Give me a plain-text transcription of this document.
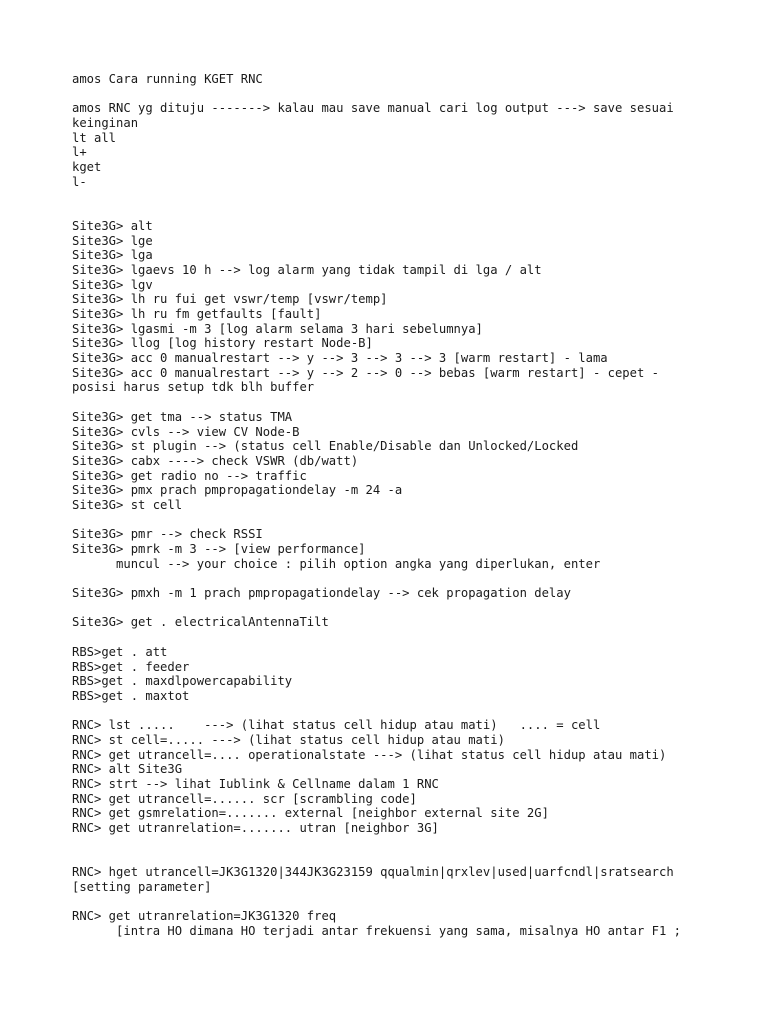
amos Cara running KGET RNC
amos RNC yg dituju -------> kalau mau save manual cari log output ---> save sesuai
keinginan
lt all
l+
kget
l-
Site3G> alt
Site3G> lge
Site3G> lga
Site3G> lgaevs 10 h --> log alarm yang tidak tampil di lga / alt
Site3G> lgv
Site3G> lh ru fui get vswr/temp [vswr/temp]
Site3G> lh ru fm getfaults [fault]
Site3G> lgasmi -m 3 [log alarm selama 3 hari sebelumnya]
Site3G> llog [log history restart Node-B]
Site3G> acc 0 manualrestart --> y --> 3 --> 3 --> 3 [warm restart] - lama
Site3G> acc 0 manualrestart --> y --> 2 --> 0 --> bebas [warm restart] - cepet -
posisi harus setup tdk blh buffer
Site3G> get tma --> status TMA
Site3G> cvls --> view CV Node-B
Site3G> st plugin --> (status cell Enable/Disable dan Unlocked/Locked
Site3G> cabx ----> check VSWR (db/watt)
Site3G> get radio no --> traffic
Site3G> pmx prach pmpropagationdelay -m 24 -a
Site3G> st cell
Site3G> pmr --> check RSSI
Site3G> pmrk -m 3 --> [view performance]
muncul --> your choice : pilih option angka yang diperlukan, enter
Site3G> pmxh -m 1 prach pmpropagationdelay --> cek propagation delay
Site3G> get . electricalAntennaTilt
RBS>get . att
RBS>get . feeder
RBS>get . maxdlpowercapability
RBS>get . maxtot
RNC> lst .....    ---> (lihat status cell hidup atau mati)   .... = cell
RNC> st cell=..... ---> (lihat status cell hidup atau mati)
RNC> get utrancell=.... operationalstate ---> (lihat status cell hidup atau mati)
RNC> alt Site3G
RNC> strt --> lihat Iublink & Cellname dalam 1 RNC
RNC> get utrancell=...... scr [scrambling code]
RNC> get gsmrelation=....... external [neighbor external site 2G]
RNC> get utranrelation=....... utran [neighbor 3G]
RNC> hget utrancell=JK3G1320|344JK3G23159 qqualmin|qrxlev|used|uarfcndl|sratsearch
[setting parameter]
RNC> get utranrelation=JK3G1320 freq
[intra HO dimana HO terjadi antar frekuensi yang sama, misalnya HO antar F1 ;
